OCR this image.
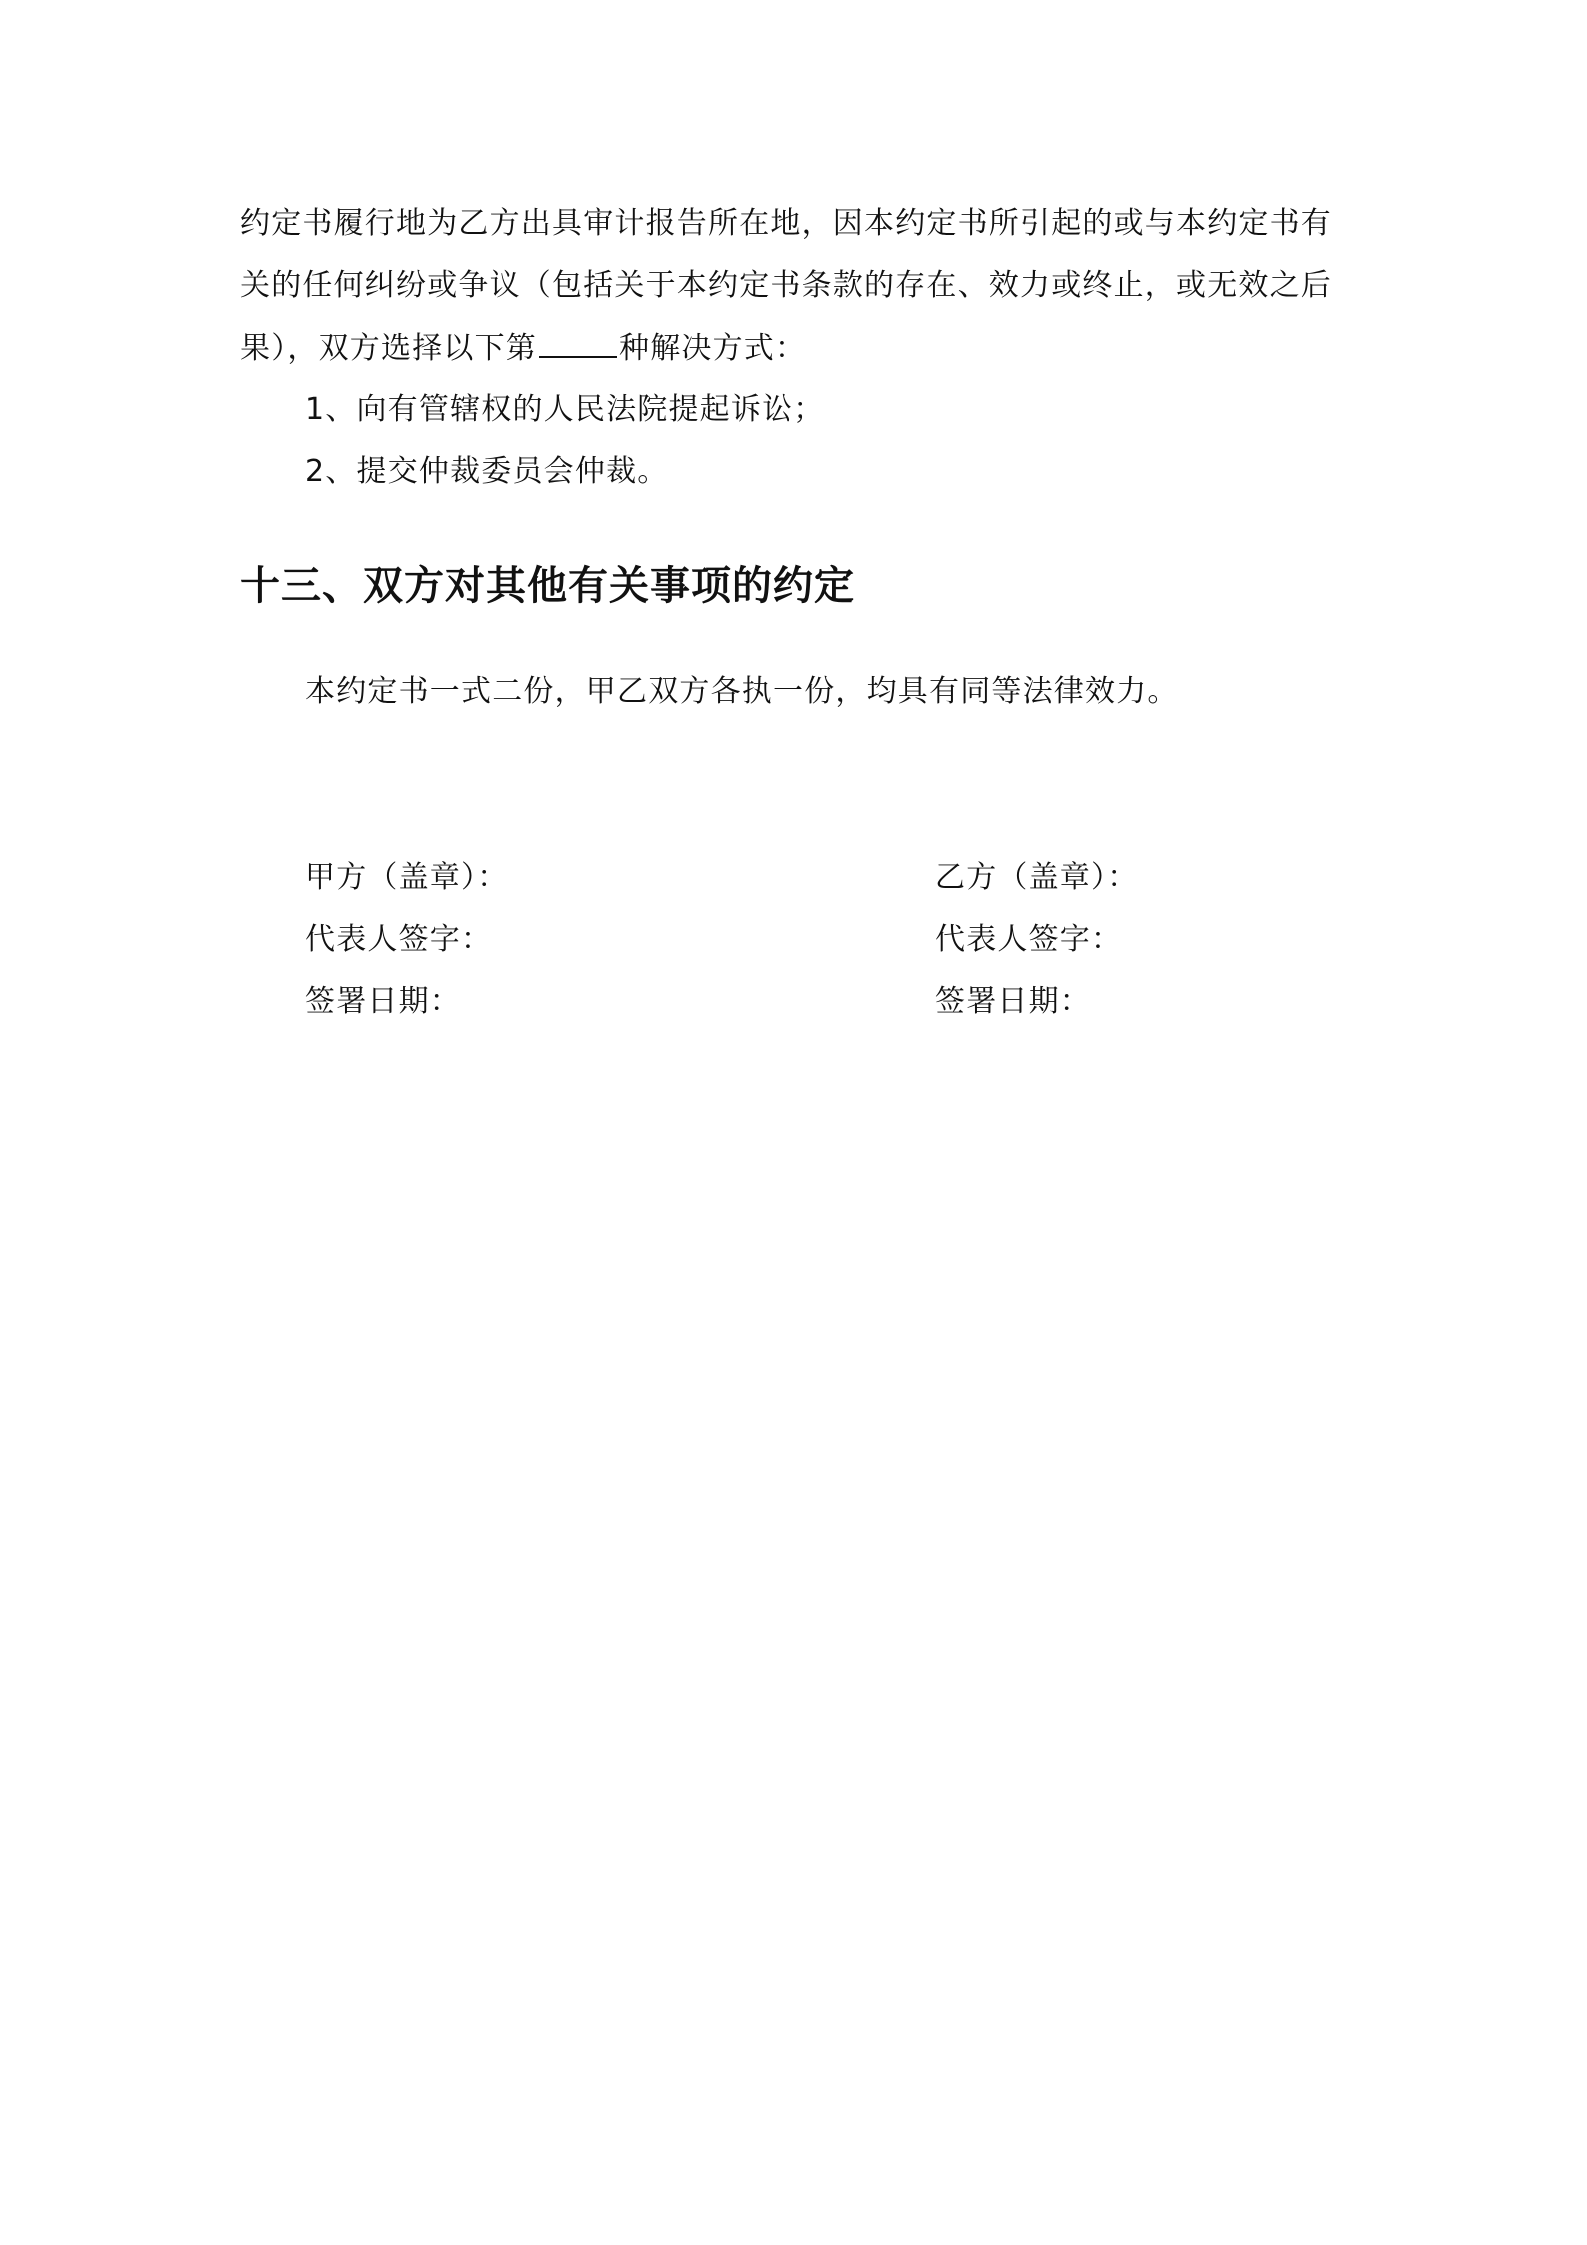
约定书履行地为乙方出具审计报告所在地，因本约定书所引起的或与本约定书有
关的任何纠纷或争议（包括关于本约定书条款的存在、效力或终止，或无效之后
果），双方选择以下第	种解决方式：
1、向有管辖权的人民法院提起诉讼；
2、提交仲裁委员会仲裁。
十三、双方对其他有关事项的约定
本约定书一式二份，甲乙双方各执一份，均具有同等法律效力。
甲方（盖章）：	乙方（盖章）：
代表人签字：	代表人签字：
签署日期：	签署日期：
